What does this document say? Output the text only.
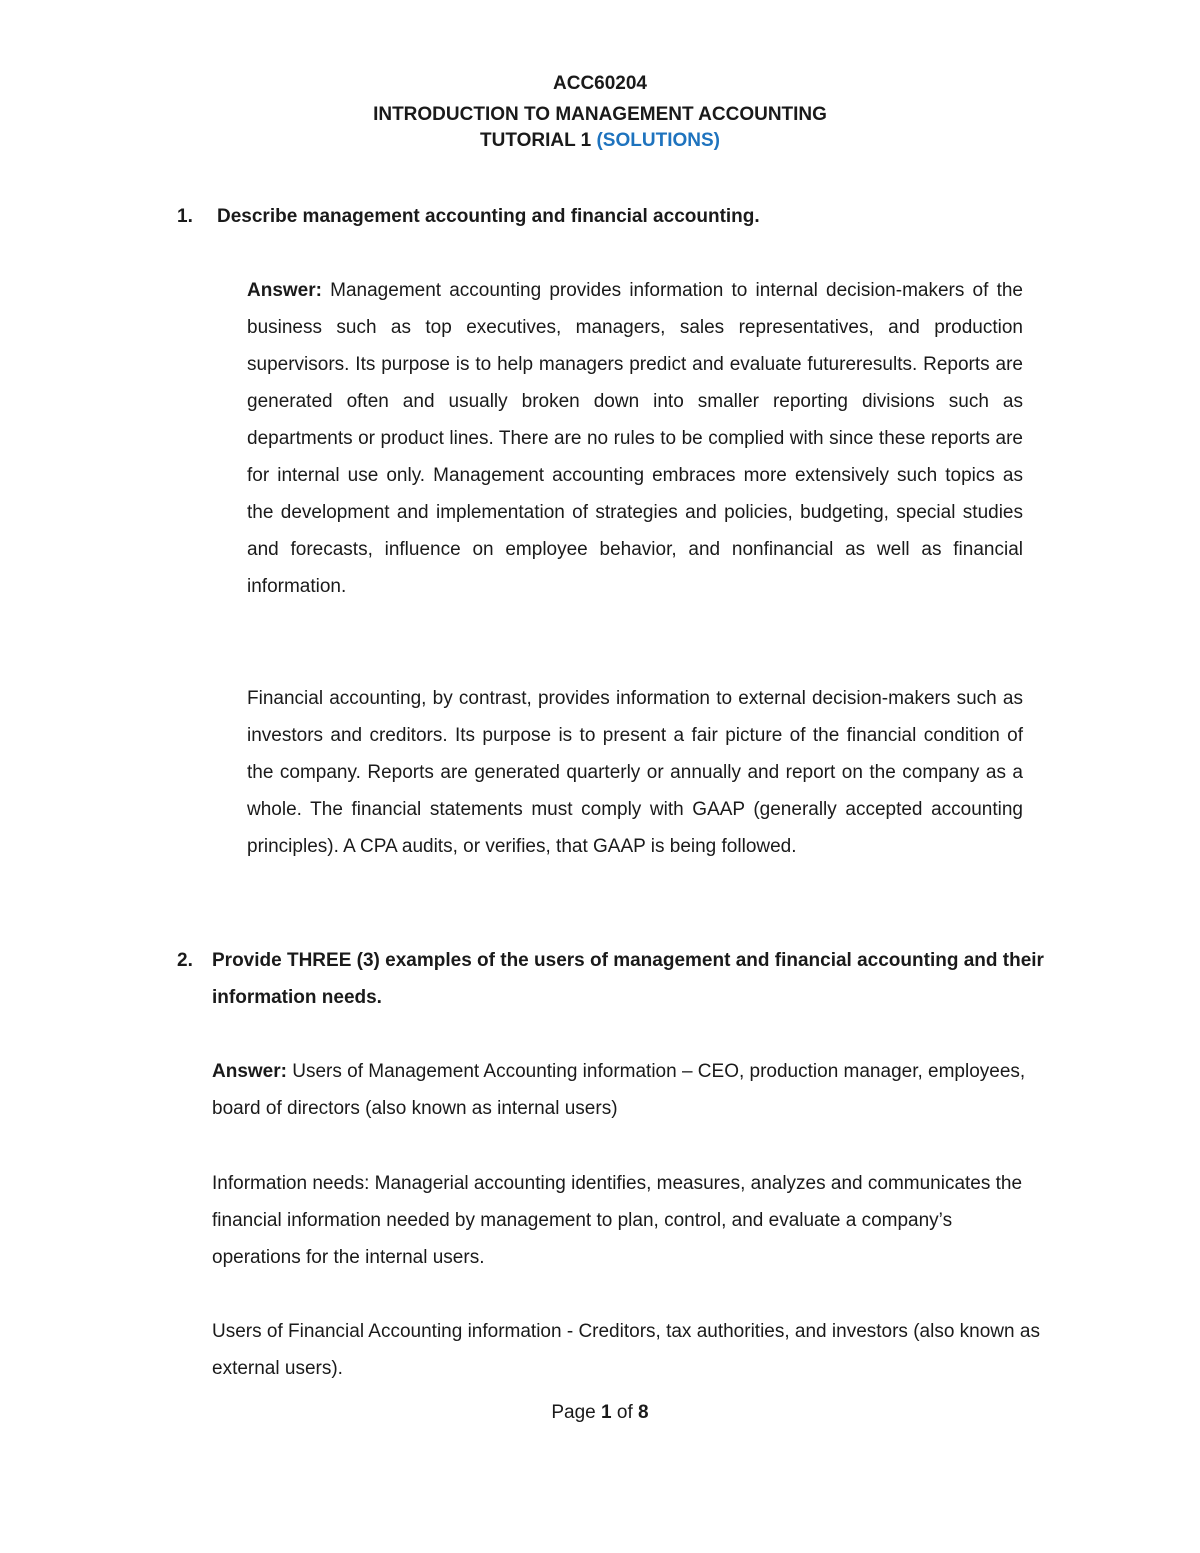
ACC60204
INTRODUCTION TO MANAGEMENT ACCOUNTING
TUTORIAL 1 (SOLUTIONS)
1. Describe management accounting and financial accounting.
Answer: Management accounting provides information to internal decision-makers of the business such as top executives, managers, sales representatives, and production supervisors. Its purpose is to help managers predict and evaluate futureresults. Reports are generated often and usually broken down into smaller reporting divisions such as departments or product lines. There are no rules to be complied with since these reports are for internal use only. Management accounting embraces more extensively such topics as the development and implementation of strategies and policies, budgeting, special studies and forecasts, influence on employee behavior, and nonfinancial as well as financial information.
Financial accounting, by contrast, provides information to external decision-makers such as investors and creditors. Its purpose is to present a fair picture of the financial condition of the company. Reports are generated quarterly or annually and report on the company as a whole. The financial statements must comply with GAAP (generally accepted accounting principles). A CPA audits, or verifies, that GAAP is being followed.
2. Provide THREE (3) examples of the users of management and financial accounting and their information needs.
Answer: Users of Management Accounting information – CEO, production manager, employees, board of directors (also known as internal users)
Information needs: Managerial accounting identifies, measures, analyzes and communicates the financial information needed by management to plan, control, and evaluate a company’s operations for the internal users.
Users of Financial Accounting information - Creditors, tax authorities, and investors (also known as external users).
Page 1 of 8
